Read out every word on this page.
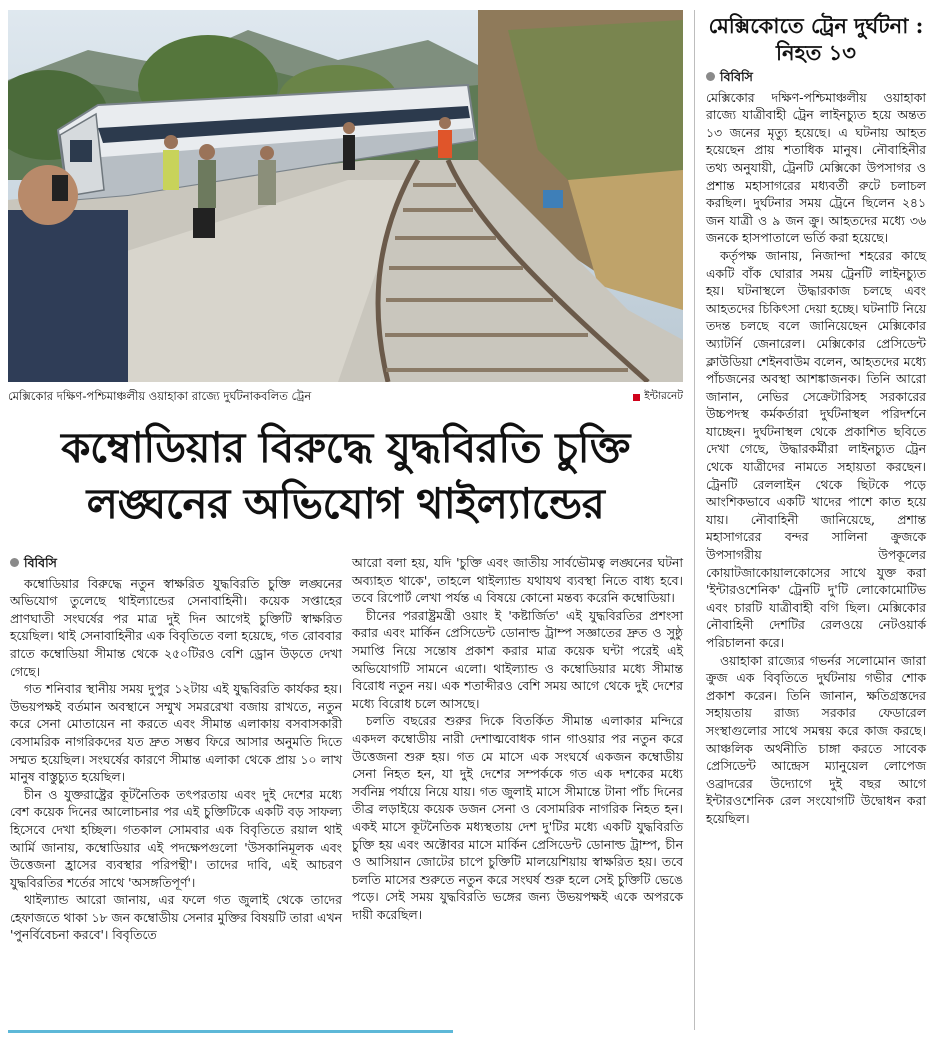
MARINA
মেক্সিকোর দক্ষিণ-পশ্চিমাঞ্চলীয় ওয়াহাকা রাজ্যে দুর্ঘটনাকবলিত ট্রেন	ইন্টারনেট
কম্বোডিয়ার বিরুদ্ধে যুদ্ধবিরতি চুক্তি
লঙ্ঘনের অভিযোগ থাইল্যান্ডের
বিবিসি

কম্বোডিয়ার বিরুদ্ধে নতুন স্বাক্ষরিত যুদ্ধবিরতি চুক্তি লঙ্ঘনের অভিযোগ তুলেছে থাইল্যান্ডের সেনাবাহিনী। কয়েক সপ্তাহের প্রাণঘাতী সংঘর্ষের পর মাত্র দুই দিন আগেই চুক্তিটি স্বাক্ষরিত হয়েছিল। থাই সেনাবাহিনীর এক বিবৃতিতে বলা হয়েছে, গত রোববার রাতে কম্বোডিয়া সীমান্ত থেকে ২৫০টিরও বেশি ড্রোন উড়তে দেখা গেছে।

গত শনিবার স্থানীয় সময় দুপুর ১২টায় এই যুদ্ধবিরতি কার্যকর হয়। উভয়পক্ষই বর্তমান অবস্থানে সম্মুখ সমররেখা বজায় রাখতে, নতুন করে সেনা মোতায়েন না করতে এবং সীমান্ত এলাকায় বসবাসকারী বেসামরিক নাগরিকদের যত দ্রুত সম্ভব ফিরে আসার অনুমতি দিতে সম্মত হয়েছিল। সংঘর্ষের কারণে সীমান্ত এলাকা থেকে প্রায় ১০ লাখ মানুষ বাস্তুচ্যুত হয়েছিল।

চীন ও যুক্তরাষ্ট্রের কূটনৈতিক তৎপরতায় এবং দুই দেশের মধ্যে বেশ কয়েক দিনের আলোচনার পর এই চুক্তিটিকে একটি বড় সাফল্য হিসেবে দেখা হচ্ছিল। গতকাল সোমবার এক বিবৃতিতে রয়াল থাই আর্মি জানায়, কম্বোডিয়ার এই পদক্ষেপগুলো 'উসকানিমূলক এবং উত্তেজনা হ্রাসের ব্যবস্থার পরিপন্থী'। তাদের দাবি, এই আচরণ যুদ্ধবিরতির শর্তের সাথে 'অসঙ্গতিপূর্ণ'।

থাইল্যান্ড আরো জানায়, এর ফলে গত জুলাই থেকে তাদের হেফাজতে থাকা ১৮ জন কম্বোডীয় সেনার মুক্তির বিষয়টি তারা এখন 'পুনর্বিবেচনা করবে'। বিবৃতিতে

আরো বলা হয়, যদি 'চুক্তি এবং জাতীয় সার্বভৌমত্ব লঙ্ঘনের ঘটনা অব্যাহত থাকে', তাহলে থাইল্যান্ড যথাযথ ব্যবস্থা নিতে বাধ্য হবে। তবে রিপোর্ট লেখা পর্যন্ত এ বিষয়ে কোনো মন্তব্য করেনি কম্বোডিয়া।

চীনের পররাষ্ট্রমন্ত্রী ওয়াং ই 'কষ্টার্জিত' এই যুদ্ধবিরতির প্রশংসা করার এবং মার্কিন প্রেসিডেন্ট ডোনাল্ড ট্রাম্প সজ্ঞাতের দ্রুত ও সুষ্ঠু সমাপ্তি নিয়ে সন্তোষ প্রকাশ করার মাত্র কয়েক ঘন্টা পরেই এই অভিযোগটি সামনে এলো। থাইল্যান্ড ও কম্বোডিয়ার মধ্যে সীমান্ত বিরোধ নতুন নয়। এক শতাব্দীরও বেশি সময় আগে থেকে দুই দেশের মধ্যে বিরোধ চলে আসছে।

চলতি বছরের শুরুর দিকে বিতর্কিত সীমান্ত এলাকার মন্দিরে একদল কম্বোডীয় নারী দেশাত্মবোধক গান গাওয়ার পর নতুন করে উত্তেজনা শুরু হয়। গত মে মাসে এক সংঘর্ষে একজন কম্বোডীয় সেনা নিহত হন, যা দুই দেশের সম্পর্ককে গত এক দশকের মধ্যে সর্বনিম্ন পর্যায়ে নিয়ে যায়। গত জুলাই মাসে সীমান্তে টানা পাঁচ দিনের তীব্র লড়াইয়ে কয়েক ডজন সেনা ও বেসামরিক নাগরিক নিহত হন। একই মাসে কূটনৈতিক মধ্যস্থতায় দেশ দু'টির মধ্যে একটি যুদ্ধবিরতি চুক্তি হয় এবং অক্টোবর মাসে মার্কিন প্রেসিডেন্ট ডোনাল্ড ট্রাম্প, চীন ও আসিয়ান জোটের চাপে চুক্তিটি মালয়েশিয়ায় স্বাক্ষরিত হয়। তবে চলতি মাসের শুরুতে নতুন করে সংঘর্ষ শুরু হলে সেই চুক্তিটি ভেঙে পড়ে। সেই সময় যুদ্ধবিরতি ভঙ্গের জন্য উভয়পক্ষই একে অপরকে দায়ী করেছিল।

মেক্সিকোতে ট্রেন দুর্ঘটনা : নিহত ১৩
বিবিসি

মেক্সিকোর দক্ষিণ-পশ্চিমাঞ্চলীয় ওয়াহাকা রাজ্যে যাত্রীবাহী ট্রেন লাইনচ্যুত হয়ে অন্তত ১৩ জনের মৃত্যু হয়েছে। এ ঘটনায় আহত হয়েছেন প্রায় শতাধিক মানুষ। নৌবাহিনীর তথ্য অনুযায়ী, ট্রেনটি মেক্সিকো উপসাগর ও প্রশান্ত মহাসাগরের মধ্যবর্তী রুটে চলাচল করছিল। দুর্ঘটনার সময় ট্রেনে ছিলেন ২৪১ জন যাত্রী ও ৯ জন ক্রু। আহতদের মধ্যে ৩৬ জনকে হাসপাতালে ভর্তি করা হয়েছে।

কর্তৃপক্ষ জানায়, নিজান্দা শহরের কাছে একটি বাঁক ঘোরার সময় ট্রেনটি লাইনচ্যুত হয়। ঘটনাস্থলে উদ্ধারকাজ চলছে এবং আহতদের চিকিৎসা দেয়া হচ্ছে। ঘটনাটি নিয়ে তদন্ত চলছে বলে জানিয়েছেন মেক্সিকোর অ্যাটর্নি জেনারেল। মেক্সিকোর প্রেসিডেন্ট ক্লাউডিয়া শেইনবাউম বলেন, আহতদের মধ্যে পাঁচজনের অবস্থা আশঙ্কাজনক। তিনি আরো জানান, নেভির সেক্রেটারিসহ সরকারের উচ্চপদস্থ কর্মকর্তারা দুর্ঘটনাস্থল পরিদর্শনে যাচ্ছেন। দুর্ঘটনাস্থল থেকে প্রকাশিত ছবিতে দেখা গেছে, উদ্ধারকর্মীরা লাইনচ্যুত ট্রেন থেকে যাত্রীদের নামতে সহায়তা করছেন। ট্রেনটি রেললাইন থেকে ছিটকে পড়ে আংশিকভাবে একটি খাদের পাশে কাত হয়ে যায়। নৌবাহিনী জানিয়েছে, প্রশান্ত মহাসাগরের বন্দর সালিনা ক্রুজকে উপসাগরীয় উপকূলের কোয়াটজাকোয়ালকোসের সাথে যুক্ত করা 'ইন্টারওশেনিক' ট্রেনটি দু'টি লোকোমোটিভ এবং চারটি যাত্রীবাহী বগি ছিল। মেক্সিকোর নৌবাহিনী দেশটির রেলওয়ে নেটওয়ার্ক পরিচালনা করে।

ওয়াহাকা রাজ্যের গভর্নর সলোমোন জারা ক্রুজ এক বিবৃতিতে দুর্ঘটনায় গভীর শোক প্রকাশ করেন। তিনি জানান, ক্ষতিগ্রস্তদের সহায়তায় রাজ্য সরকার ফেডারেল সংস্থাগুলোর সাথে সমন্বয় করে কাজ করছে। আঞ্চলিক অর্থনীতি চাঙ্গা করতে সাবেক প্রেসিডেন্ট আন্দ্রেস ম্যানুয়েল লোপেজ ওব্রাদরের উদ্যোগে দুই বছর আগে ইন্টারওশেনিক রেল সংযোগটি উদ্বোধন করা হয়েছিল।
